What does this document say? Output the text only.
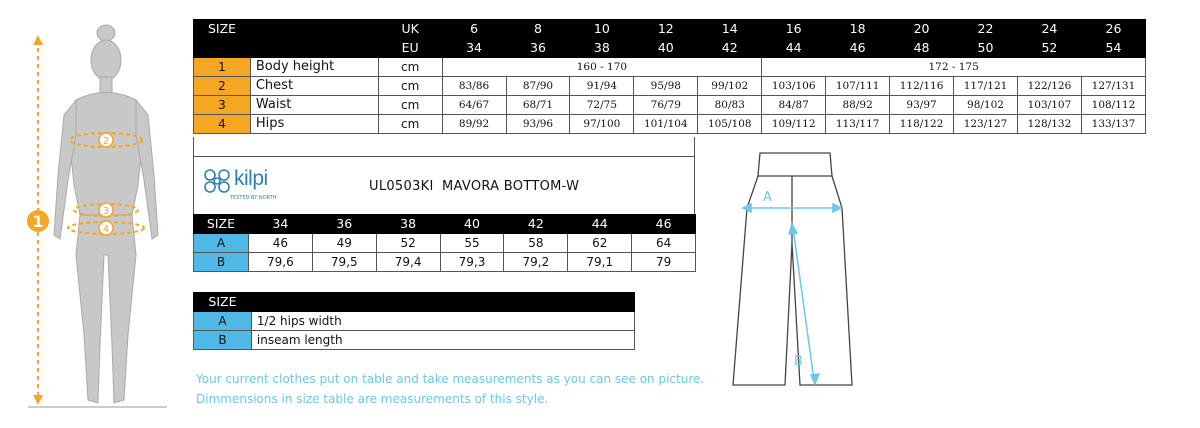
1
2
3
4
SIZE		UK	6	8	10	12	14	16	18	20	22	24	26
		EU	34	36	38	40	42	44	46	48	50	52	54
1	Body height	cm	160 - 170					172 - 175					
2	Chest	cm	83/86	87/90	91/94	95/98	99/102	103/106	107/111	112/116	117/121	122/126	127/131
3	Waist	cm	64/67	68/71	72/75	76/79	80/83	84/87	88/92	93/97	98/102	103/107	108/112
4	Hips	cm	89/92	93/96	97/100	101/104	105/108	109/112	113/117	118/122	123/127	128/132	133/137
kilpi
TESTED BY NORTH
UL0503KI MAVORA BOTTOM-W
SIZE	34	36	38	40	42	44	46
A	46	49	52	55	58	62	64
B	79,6	79,5	79,4	79,3	79,2	79,1	79
SIZE	
A	1/2 hips width
B	inseam length
A
B
Your current clothes put on table and take measurements as you can see on picture.
Dimmensions in size table are measurements of this style.
